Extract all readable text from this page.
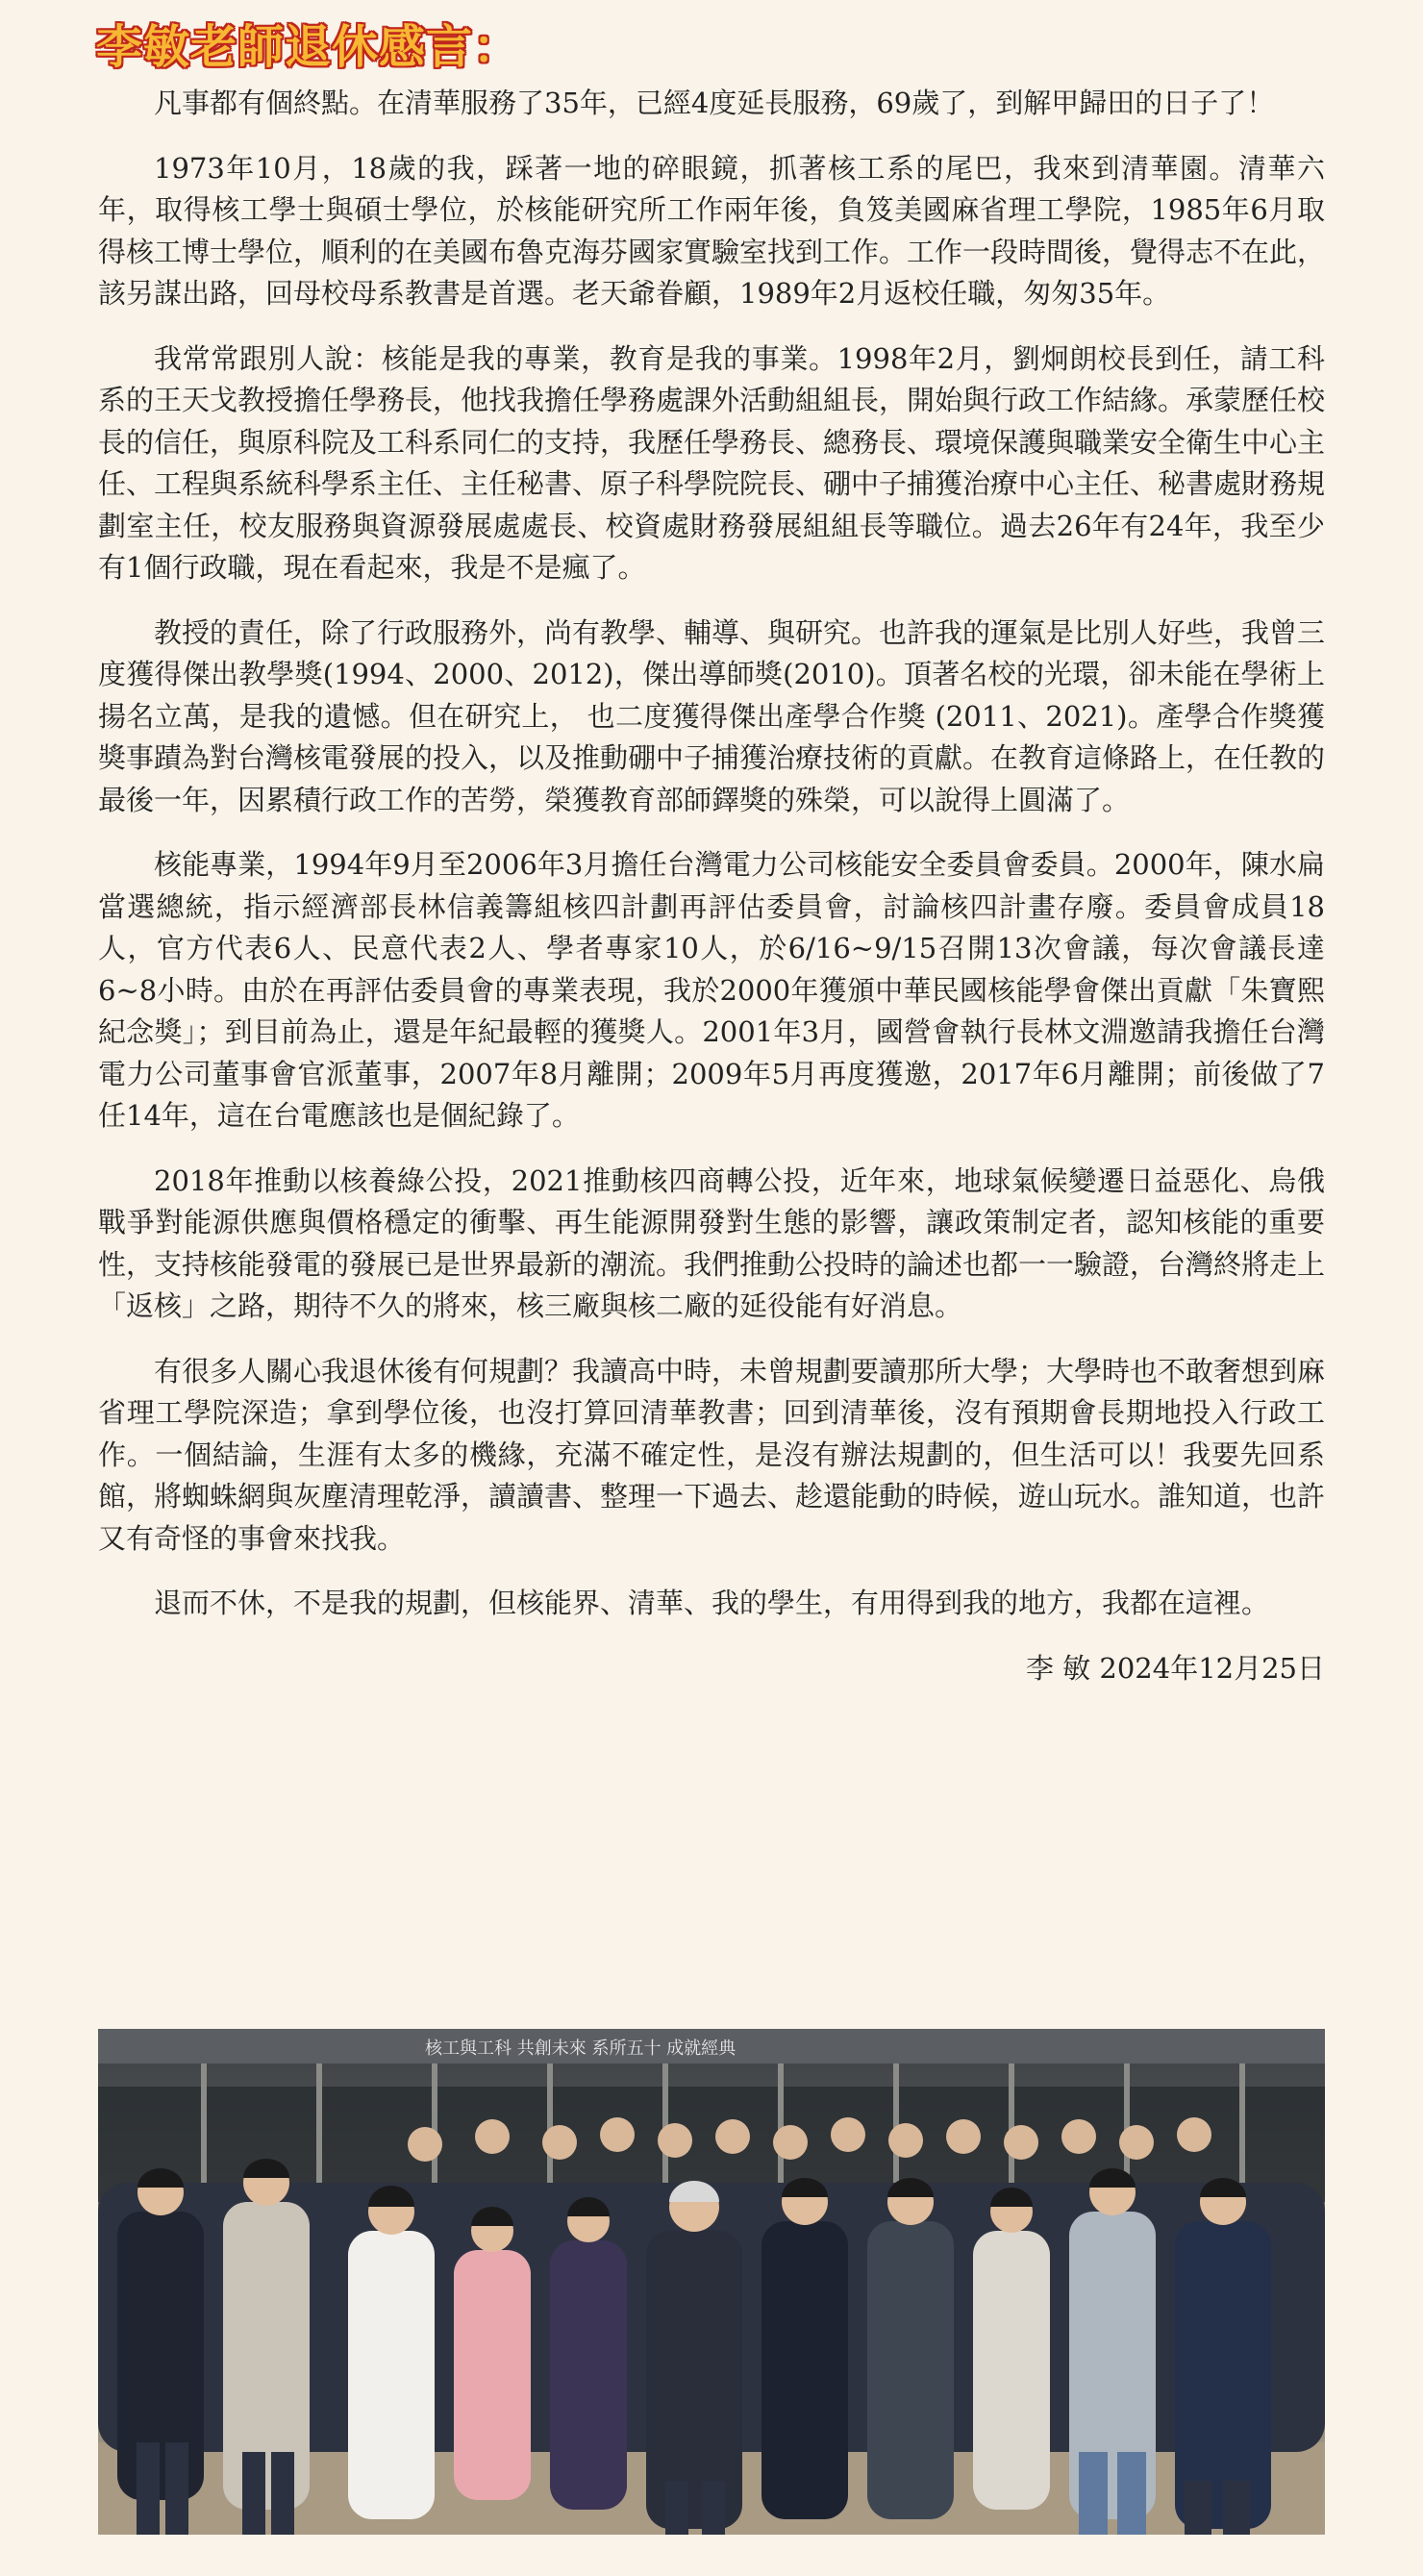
李敏老師退休感言：

凡事都有個終點。在清華服務了35年，已經4度延長服務，69歲了，到解甲歸田的日子了！

1973年10月，18歲的我，踩著一地的碎眼鏡，抓著核工系的尾巴，我來到清華園。清華六年，取得核工學士與碩士學位，於核能研究所工作兩年後，負笈美國麻省理工學院，1985年6月取得核工博士學位，順利的在美國布魯克海芬國家實驗室找到工作。工作一段時間後，覺得志不在此，該另謀出路，回母校母系教書是首選。老天爺眷顧，1989年2月返校任職，匆匆35年。

我常常跟別人說：核能是我的專業，教育是我的事業。1998年2月，劉炯朗校長到任，請工科系的王天戈教授擔任學務長，他找我擔任學務處課外活動組組長，開始與行政工作結緣。承蒙歷任校長的信任，與原科院及工科系同仁的支持，我歷任學務長、總務長、環境保護與職業安全衛生中心主任、工程與系統科學系主任、主任秘書、原子科學院院長、硼中子捕獲治療中心主任、秘書處財務規劃室主任，校友服務與資源發展處處長、校資處財務發展組組長等職位。過去26年有24年，我至少有1個行政職，現在看起來，我是不是瘋了。

教授的責任，除了行政服務外，尚有教學、輔導、與研究。也許我的運氣是比別人好些，我曾三度獲得傑出教學獎(1994、2000、2012)，傑出導師獎(2010)。頂著名校的光環，卻未能在學術上揚名立萬，是我的遺憾。但在研究上， 也二度獲得傑出產學合作獎 (2011、2021)。產學合作獎獲獎事蹟為對台灣核電發展的投入，以及推動硼中子捕獲治療技術的貢獻。在教育這條路上，在任教的最後一年，因累積行政工作的苦勞，榮獲教育部師鐸獎的殊榮，可以說得上圓滿了。

核能專業，1994年9月至2006年3月擔任台灣電力公司核能安全委員會委員。2000年，陳水扁當選總統，指示經濟部長林信義籌組核四計劃再評估委員會，討論核四計畫存廢。委員會成員18人，官方代表6人、民意代表2人、學者專家10人，於6/16~9/15召開13次會議，每次會議長達6~8小時。由於在再評估委員會的專業表現，我於2000年獲頒中華民國核能學會傑出貢獻「朱寶熙紀念獎」；到目前為止，還是年紀最輕的獲獎人。2001年3月，國營會執行長林文淵邀請我擔任台灣電力公司董事會官派董事，2007年8月離開；2009年5月再度獲邀，2017年6月離開；前後做了7任14年，這在台電應該也是個紀錄了。

2018年推動以核養綠公投，2021推動核四商轉公投，近年來，地球氣候變遷日益惡化、烏俄戰爭對能源供應與價格穩定的衝擊、再生能源開發對生態的影響，讓政策制定者，認知核能的重要性，支持核能發電的發展已是世界最新的潮流。我們推動公投時的論述也都一一驗證，台灣終將走上「返核」之路，期待不久的將來，核三廠與核二廠的延役能有好消息。

有很多人關心我退休後有何規劃？我讀高中時，未曾規劃要讀那所大學；大學時也不敢奢想到麻省理工學院深造；拿到學位後，也沒打算回清華教書；回到清華後，沒有預期會長期地投入行政工作。一個結論，生涯有太多的機緣，充滿不確定性，是沒有辦法規劃的，但生活可以！我要先回系館，將蜘蛛網與灰塵清理乾淨，讀讀書、整理一下過去、趁還能動的時候，遊山玩水。誰知道，也許又有奇怪的事會來找我。

退而不休，不是我的規劃，但核能界、清華、我的學生，有用得到我的地方，我都在這裡。

李 敏 2024年12月25日

核工與工科 共創未來 系所五十 成就經典
